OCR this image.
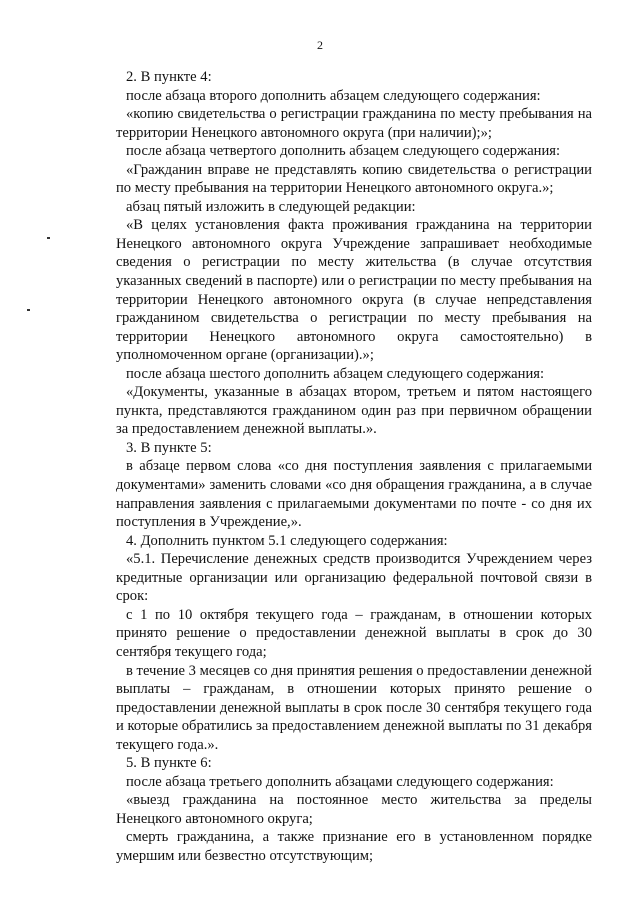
2

2. В пункте 4:

после абзаца второго дополнить абзацем следующего содержания:

«копию свидетельства о регистрации гражданина по месту пребывания на территории Ненецкого автономного округа (при наличии);»;

после абзаца четвертого дополнить абзацем следующего содержания:

«Гражданин вправе не представлять копию свидетельства о регистрации по месту пребывания на территории Ненецкого автономного округа.»;

абзац пятый изложить в следующей редакции:

«В целях установления факта проживания гражданина на территории Ненецкого автономного округа Учреждение запрашивает необходимые сведения о регистрации по месту жительства (в случае отсутствия указанных сведений в паспорте) или о регистрации по месту пребывания на территории Ненецкого автономного округа (в случае непредставления гражданином свидетельства о регистрации по месту пребывания на территории Ненецкого автономного округа самостоятельно) в уполномоченном органе (организации).»;

после абзаца шестого дополнить абзацем следующего содержания:

«Документы, указанные в абзацах втором, третьем и пятом настоящего пункта, представляются гражданином один раз при первичном обращении за предоставлением денежной выплаты.».

3. В пункте 5:

в абзаце первом слова «со дня поступления заявления с прилагаемыми документами» заменить словами «со дня обращения гражданина, а в случае направления заявления с прилагаемыми документами по почте - со дня их поступления в Учреждение,».

4. Дополнить пунктом 5.1 следующего содержания:

«5.1. Перечисление денежных средств производится Учреждением через кредитные организации или организацию федеральной почтовой связи в срок:

с 1 по 10 октября текущего года – гражданам, в отношении которых принято решение о предоставлении денежной выплаты в срок до 30 сентября текущего года;

в течение 3 месяцев со дня принятия решения о предоставлении денежной выплаты – гражданам, в отношении которых принято решение о предоставлении денежной выплаты в срок после 30 сентября текущего года и которые обратились за предоставлением денежной выплаты по 31 декабря текущего года.».

5. В пункте 6:

после абзаца третьего дополнить абзацами следующего содержания:

«выезд гражданина на постоянное место жительства за пределы Ненецкого автономного округа;

смерть гражданина, а также признание его в установленном порядке умершим или безвестно отсутствующим;
